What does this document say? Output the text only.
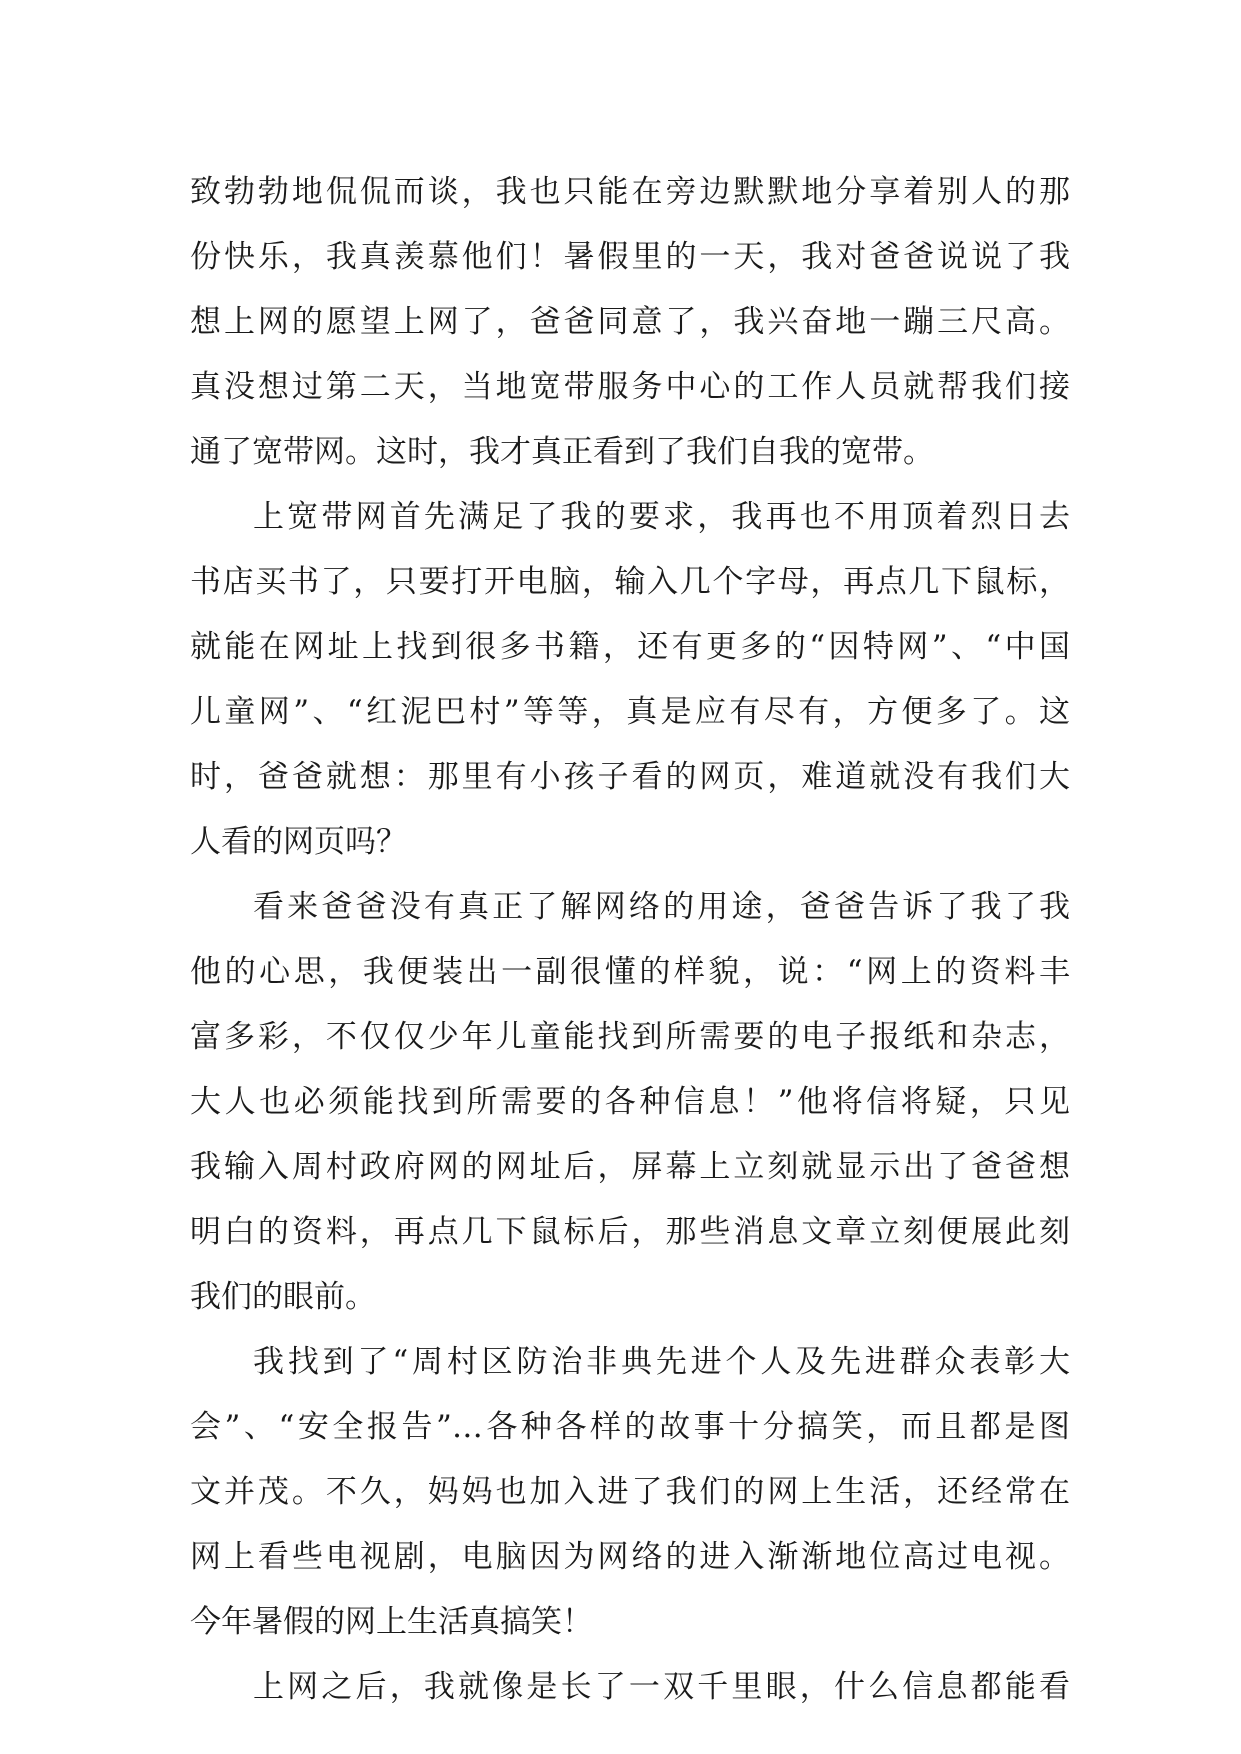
致勃勃地侃侃而谈，我也只能在旁边默默地分享着别人的那
份快乐，我真羡慕他们！暑假里的一天，我对爸爸说说了我
想上网的愿望上网了，爸爸同意了，我兴奋地一蹦三尺高。
真没想过第二天，当地宽带服务中心的工作人员就帮我们接
通了宽带网。这时，我才真正看到了我们自我的宽带。
上宽带网首先满足了我的要求，我再也不用顶着烈日去
书店买书了，只要打开电脑，输入几个字母，再点几下鼠标，
就能在网址上找到很多书籍，还有更多的“因特网”、“中国
儿童网”、“红泥巴村”等等，真是应有尽有，方便多了。这
时，爸爸就想：那里有小孩子看的网页，难道就没有我们大
人看的网页吗？
看来爸爸没有真正了解网络的用途，爸爸告诉了我了我
他的心思，我便装出一副很懂的样貌，说：“网上的资料丰
富多彩，不仅仅少年儿童能找到所需要的电子报纸和杂志，
大人也必须能找到所需要的各种信息！”他将信将疑，只见
我输入周村政府网的网址后，屏幕上立刻就显示出了爸爸想
明白的资料，再点几下鼠标后，那些消息文章立刻便展此刻
我们的眼前。
我找到了“周村区防治非典先进个人及先进群众表彰大
会”、“安全报告”…各种各样的故事十分搞笑，而且都是图
文并茂。不久，妈妈也加入进了我们的网上生活，还经常在
网上看些电视剧，电脑因为网络的进入渐渐地位高过电视。
今年暑假的网上生活真搞笑！
上网之后，我就像是长了一双千里眼，什么信息都能看
